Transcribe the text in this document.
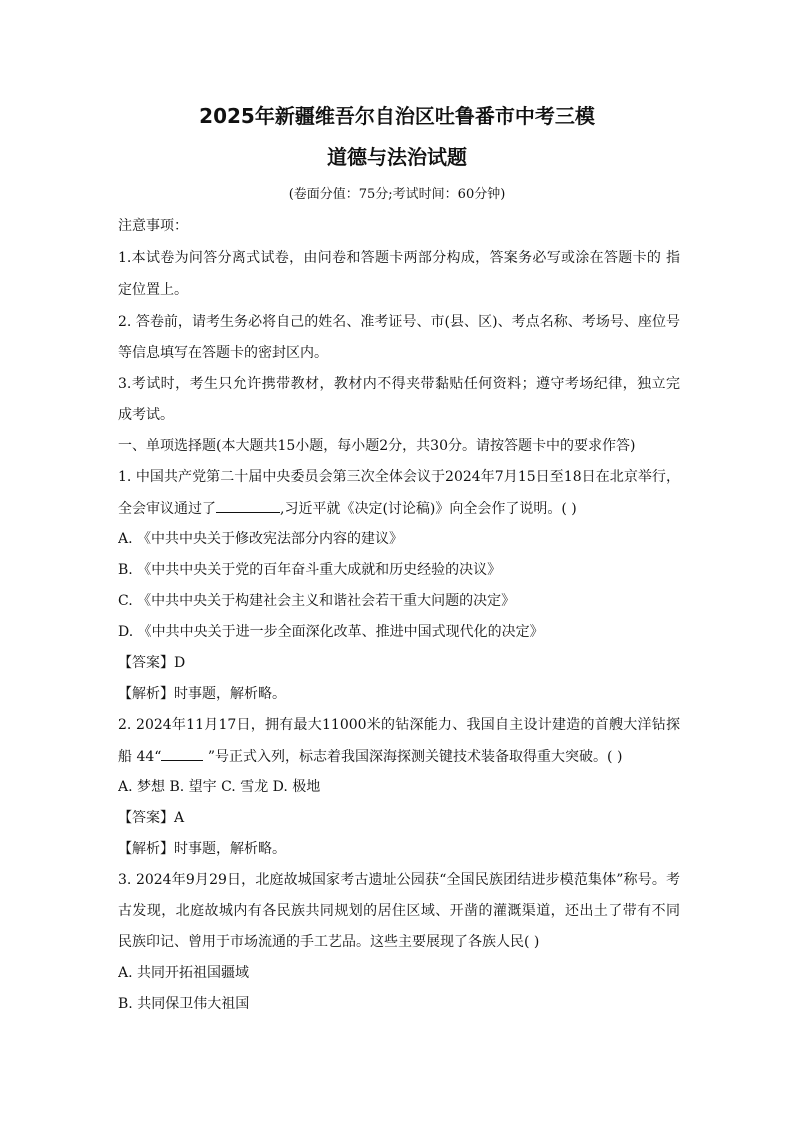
2025年新疆维吾尔自治区吐鲁番市中考三模
道德与法治试题
(卷面分值：75分;考试时间：60分钟)
注意事项：
1.本试卷为问答分离式试卷，由问卷和答题卡两部分构成，答案务必写或涂在答题卡的 指
定位置上。
2. 答卷前，请考生务必将自己的姓名、准考证号、市(县、区)、考点名称、考场号、座位号
等信息填写在答题卡的密封区内。
3.考试时，考生只允许携带教材，教材内不得夹带黏贴任何资料；遵守考场纪律，独立完
成考试。
一、单项选择题(本大题共15小题，每小题2分，共30分。请按答题卡中的要求作答)
1. 中国共产党第二十届中央委员会第三次全体会议于2024年7月15日至18日在北京举行，
全会审议通过了	,习近平就《决定(讨论稿)》向全会作了说明。( )
A. 《中共中央关于修改宪法部分内容的建议》
B. 《中共中央关于党的百年奋斗重大成就和历史经验的决议》
C. 《中共中央关于构建社会主义和谐社会若干重大问题的决定》
D. 《中共中央关于进一步全面深化改革、推进中国式现代化的决定》
【答案】D
【解析】时事题，解析略。
2. 2024年11月17日，拥有最大11000米的钻深能力、我国自主设计建造的首艘大洋钻探
船 44“	”号正式入列，标志着我国深海探测关键技术装备取得重大突破。( )
A. 梦想 B. 望宇 C. 雪龙 D. 极地
【答案】A
【解析】时事题，解析略。
3. 2024年9月29日，北庭故城国家考古遗址公园获“全国民族团结进步模范集体”称号。考
古发现，北庭故城内有各民族共同规划的居住区域、开凿的灌溉渠道，还出土了带有不同
民族印记、曾用于市场流通的手工艺品。这些主要展现了各族人民( )
A. 共同开拓祖国疆域
B. 共同保卫伟大祖国
